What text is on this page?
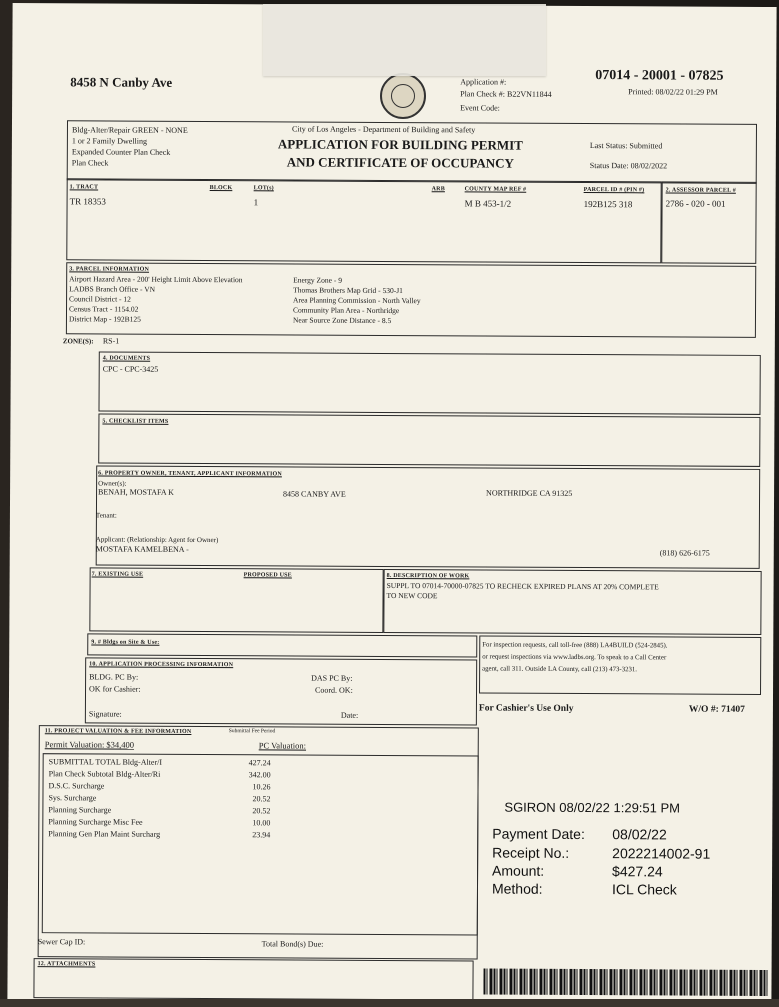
8458 N Canby Ave	Application #:
Plan Check #: B22VN11844
Event Code:
07014 - 20001 - 07825
Printed: 08/02/22 01:29 PM
Bldg-Alter/Repair GREEN - NONE
1 or 2 Family Dwelling
Expanded Counter Plan Check
Plan Check
City of Los Angeles - Department of Building and Safety
APPLICATION FOR BUILDING PERMIT
AND CERTIFICATE OF OCCUPANCY
Last Status: Submitted
Status Date: 08/02/2022
1. TRACT	BLOCK	LOT(s)	ARB	COUNTY MAP REF #	PARCEL ID # (PIN #)	2. ASSESSOR PARCEL #
TR 18353	1	M B 453-1/2	192B125 318	2786 - 020 - 001
3. PARCEL INFORMATION
Airport Hazard Area - 200' Height Limit Above Elevation
LADBS Branch Office - VN
Council District - 12
Census Tract - 1154.02
District Map - 192B125
Energy Zone - 9
Thomas Brothers Map Grid - 530-J1
Area Planning Commission - North Valley
Community Plan Area - Northridge
Near Source Zone Distance - 8.5
ZONE(S): RS-1
4. DOCUMENTS
CPC - CPC-3425
5. CHECKLIST ITEMS
6. PROPERTY OWNER, TENANT, APPLICANT INFORMATION
Owner(s):
BENAH, MOSTAFA K	8458 CANBY AVE	NORTHRIDGE CA 91325
Tenant:
Applicant: (Relationship: Agent for Owner)
MOSTAFA KAMELBENA -	(818) 626-6175
7. EXISTING USE	PROPOSED USE	8. DESCRIPTION OF WORK
SUPPL TO 07014-70000-07825 TO RECHECK EXPIRED PLANS AT 20% COMPLETE
TO NEW CODE
9. # Bldgs on Site & Use:	For inspection requests, call toll-free (888) LA4BUILD (524-2845).
or request inspections via www.ladbs.org. To speak to a Call Center
agent, call 311. Outside LA County, call (213) 473-3231.
10. APPLICATION PROCESSING INFORMATION
BLDG. PC By:	DAS PC By:
OK for Cashier:	Coord. OK:
Signature:	Date:
For Cashier's Use Only	W/O #: 71407
SGIRON 08/02/22 1:29:51 PM
Payment Date: 08/02/22
Receipt No.:	2022214002-91
Amount:	$427.24
Method:	ICL Check
11. PROJECT VALUATION & FEE INFORMATION	Submittal Fee Period
Permit Valuation: $34,400	PC Valuation:
SUBMITTAL TOTAL Bldg-Alter/I	427.24
Plan Check Subtotal Bldg-Alter/Ri	342.00
D.S.C. Surcharge	10.26
Sys. Surcharge	20.52
Planning Surcharge	20.52
Planning Surcharge Misc Fee	10.00
Planning Gen Plan Maint Surcharg	23.94
Sewer Cap ID:	Total Bond(s) Due:
12. ATTACHMENTS
